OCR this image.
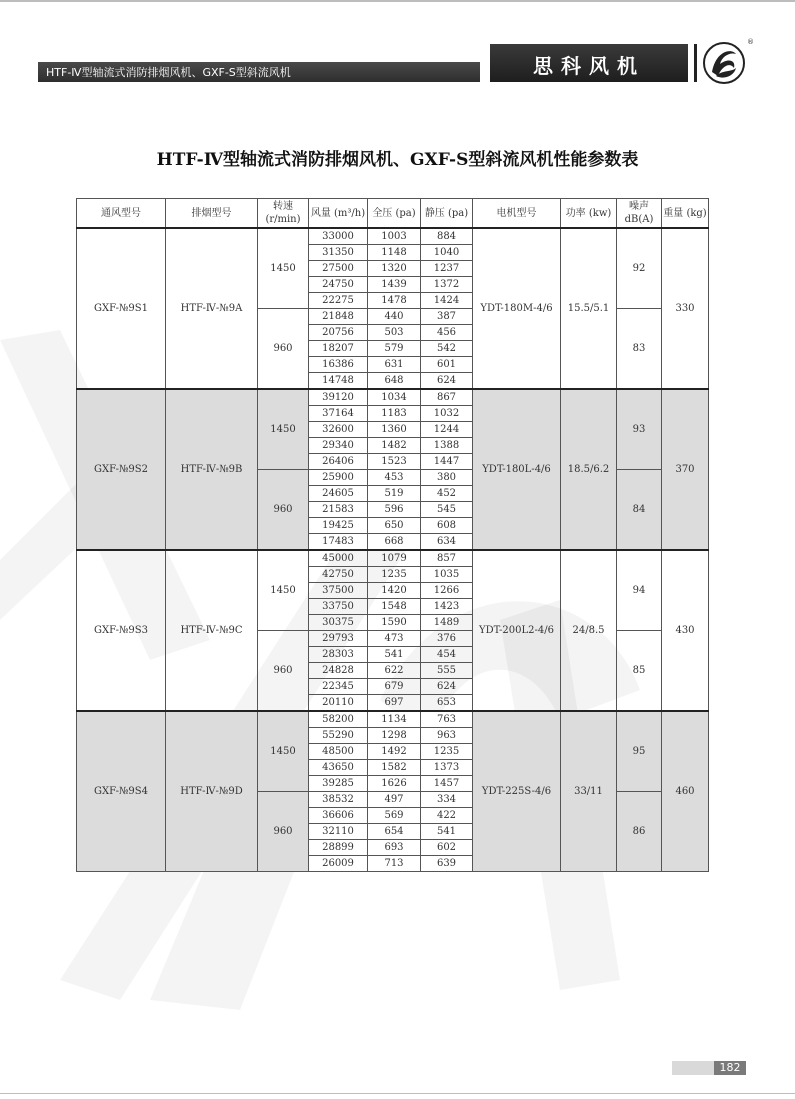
HTF-Ⅳ型轴流式消防排烟风机、GXF-S型斜流风机	思科风机
®
HTF-Ⅳ型轴流式消防排烟风机、GXF-S型斜流风机性能参数表
通风型号	排烟型号	转速 (r/min)	风量 (m³/h)	全压 (pa)	静压 (pa)	电机型号	功率 (kw)	噪声 dB(A)	重量 (kg)
GXF-№9S1	HTF-Ⅳ-№9A	1450	33000	1003	884	YDT-180M-4/6	15.5/5.1	92	330
			31350	1148	1040				
			27500	1320	1237				
			24750	1439	1372				
			22275	1478	1424				
		960	21848	440	387			83	
			20756	503	456				
			18207	579	542				
			16386	631	601				
			14748	648	624				
GXF-№9S2	HTF-Ⅳ-№9B	1450	39120	1034	867	YDT-180L-4/6	18.5/6.2	93	370
			37164	1183	1032				
			32600	1360	1244				
			29340	1482	1388				
			26406	1523	1447				
		960	25900	453	380			84	
			24605	519	452				
			21583	596	545				
			19425	650	608				
			17483	668	634				
GXF-№9S3	HTF-Ⅳ-№9C	1450	45000	1079	857	YDT-200L2-4/6	24/8.5	94	430
			42750	1235	1035				
			37500	1420	1266				
			33750	1548	1423				
			30375	1590	1489				
		960	29793	473	376			85	
			28303	541	454				
			24828	622	555				
			22345	679	624				
			20110	697	653				
GXF-№9S4	HTF-Ⅳ-№9D	1450	58200	1134	763	YDT-225S-4/6	33/11	95	460
			55290	1298	963				
			48500	1492	1235				
			43650	1582	1373				
			39285	1626	1457				
		960	38532	497	334			86	
			36606	569	422				
			32110	654	541				
			28899	693	602				
			26009	713	639				
182
